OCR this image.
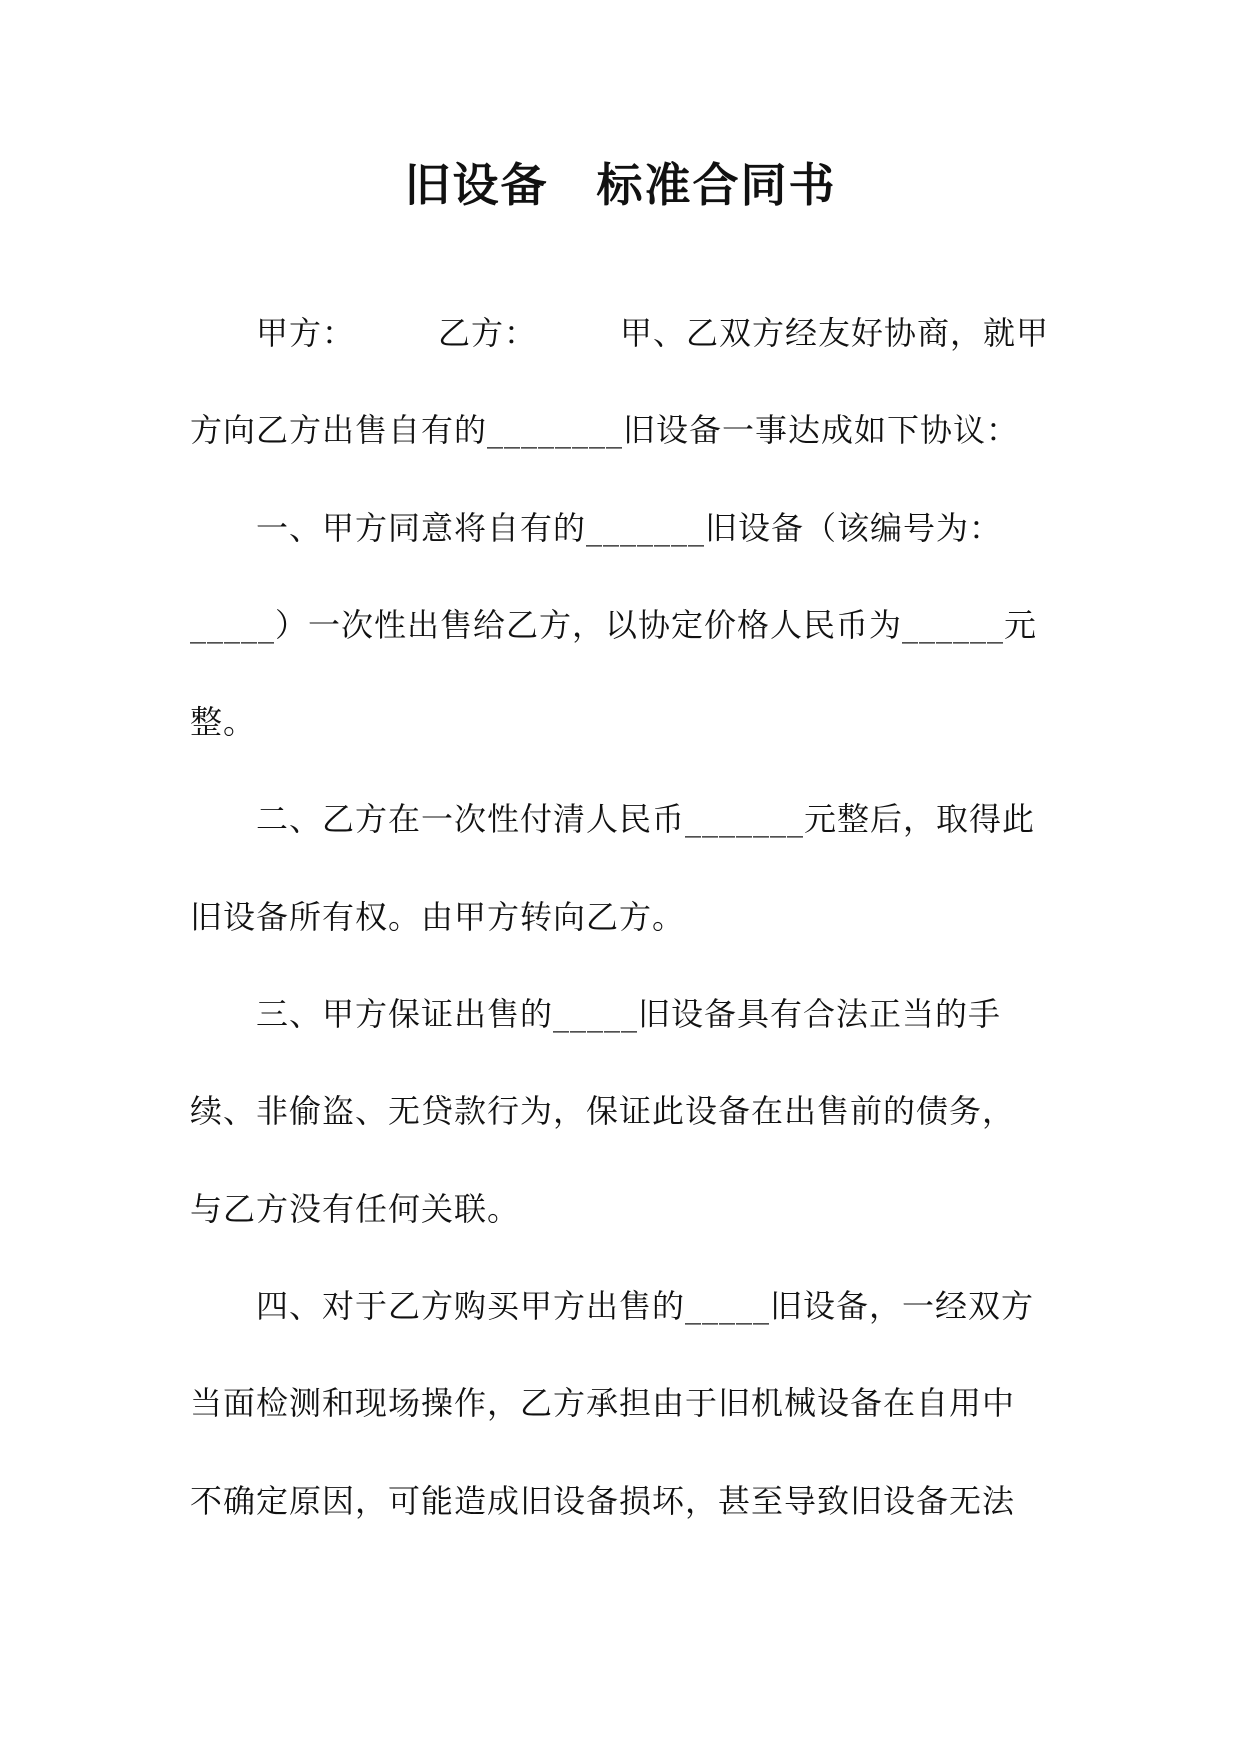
旧设备　标准合同书
甲方：　　　乙方：　　　甲、乙双方经友好协商，就甲
方向乙方出售自有的________旧设备一事达成如下协议：
一、甲方同意将自有的_______旧设备（该编号为：
_____）一次性出售给乙方，以协定价格人民币为______元
整。
二、乙方在一次性付清人民币_______元整后，取得此
旧设备所有权。由甲方转向乙方。
三、甲方保证出售的_____旧设备具有合法正当的手
续、非偷盗、无贷款行为，保证此设备在出售前的债务，
与乙方没有任何关联。
四、对于乙方购买甲方出售的_____旧设备，一经双方
当面检测和现场操作，乙方承担由于旧机械设备在自用中
不确定原因，可能造成旧设备损坏，甚至导致旧设备无法
